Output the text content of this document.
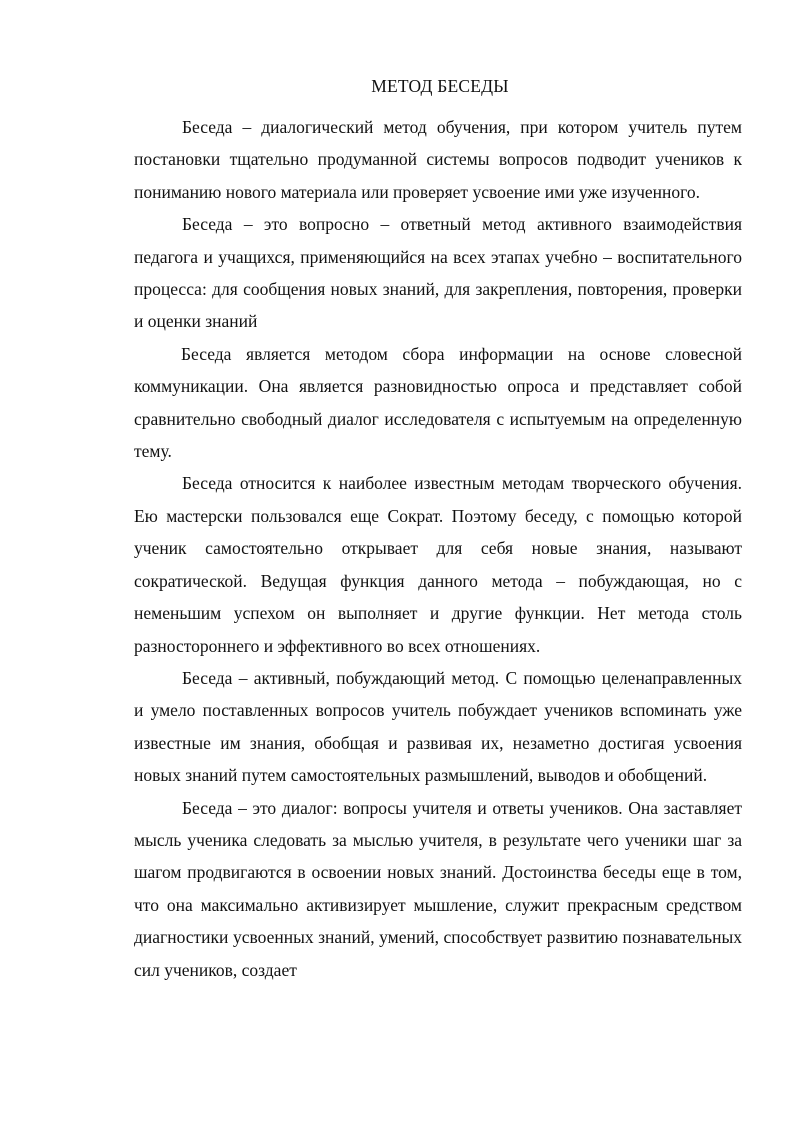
МЕТОД БЕСЕДЫ

Беседа – диалогический метод обучения, при котором учитель путем постановки тщательно продуманной системы вопросов подводит учеников к пониманию нового материала или проверяет усвоение ими уже изученного.

Беседа – это вопросно – ответный метод активного взаимодействия педагога и учащихся, применяющийся на всех этапах учебно – воспитательного процесса: для сообщения новых знаний, для закрепления, повторения, проверки и оценки знаний

Беседа является методом сбора информации на основе словесной коммуникации. Она является разновидностью опроса и представляет собой сравнительно свободный диалог исследователя с испытуемым на определенную тему.

Беседа относится к наиболее известным методам творческого обучения. Ею мастерски пользовался еще Сократ. Поэтому беседу, с помощью которой ученик самостоятельно открывает для себя новые знания, называют сократической. Ведущая функция данного метода – побуждающая, но с неменьшим успехом он выполняет и другие функции. Нет метода столь разностороннего и эффективного во всех отношениях.

Беседа – активный, побуждающий метод. С помощью целенаправленных и умело поставленных вопросов учитель побуждает учеников вспоминать уже известные им знания, обобщая и развивая их, незаметно достигая усвоения новых знаний путем самостоятельных размышлений, выводов и обобщений.

Беседа – это диалог: вопросы учителя и ответы учеников. Она заставляет мысль ученика следовать за мыслью учителя, в результате чего ученики шаг за шагом продвигаются в освоении новых знаний. Достоинства беседы еще в том, что она максимально активизирует мышление, служит прекрасным средством диагностики усвоенных знаний, умений, способствует развитию познавательных сил учеников, создает
